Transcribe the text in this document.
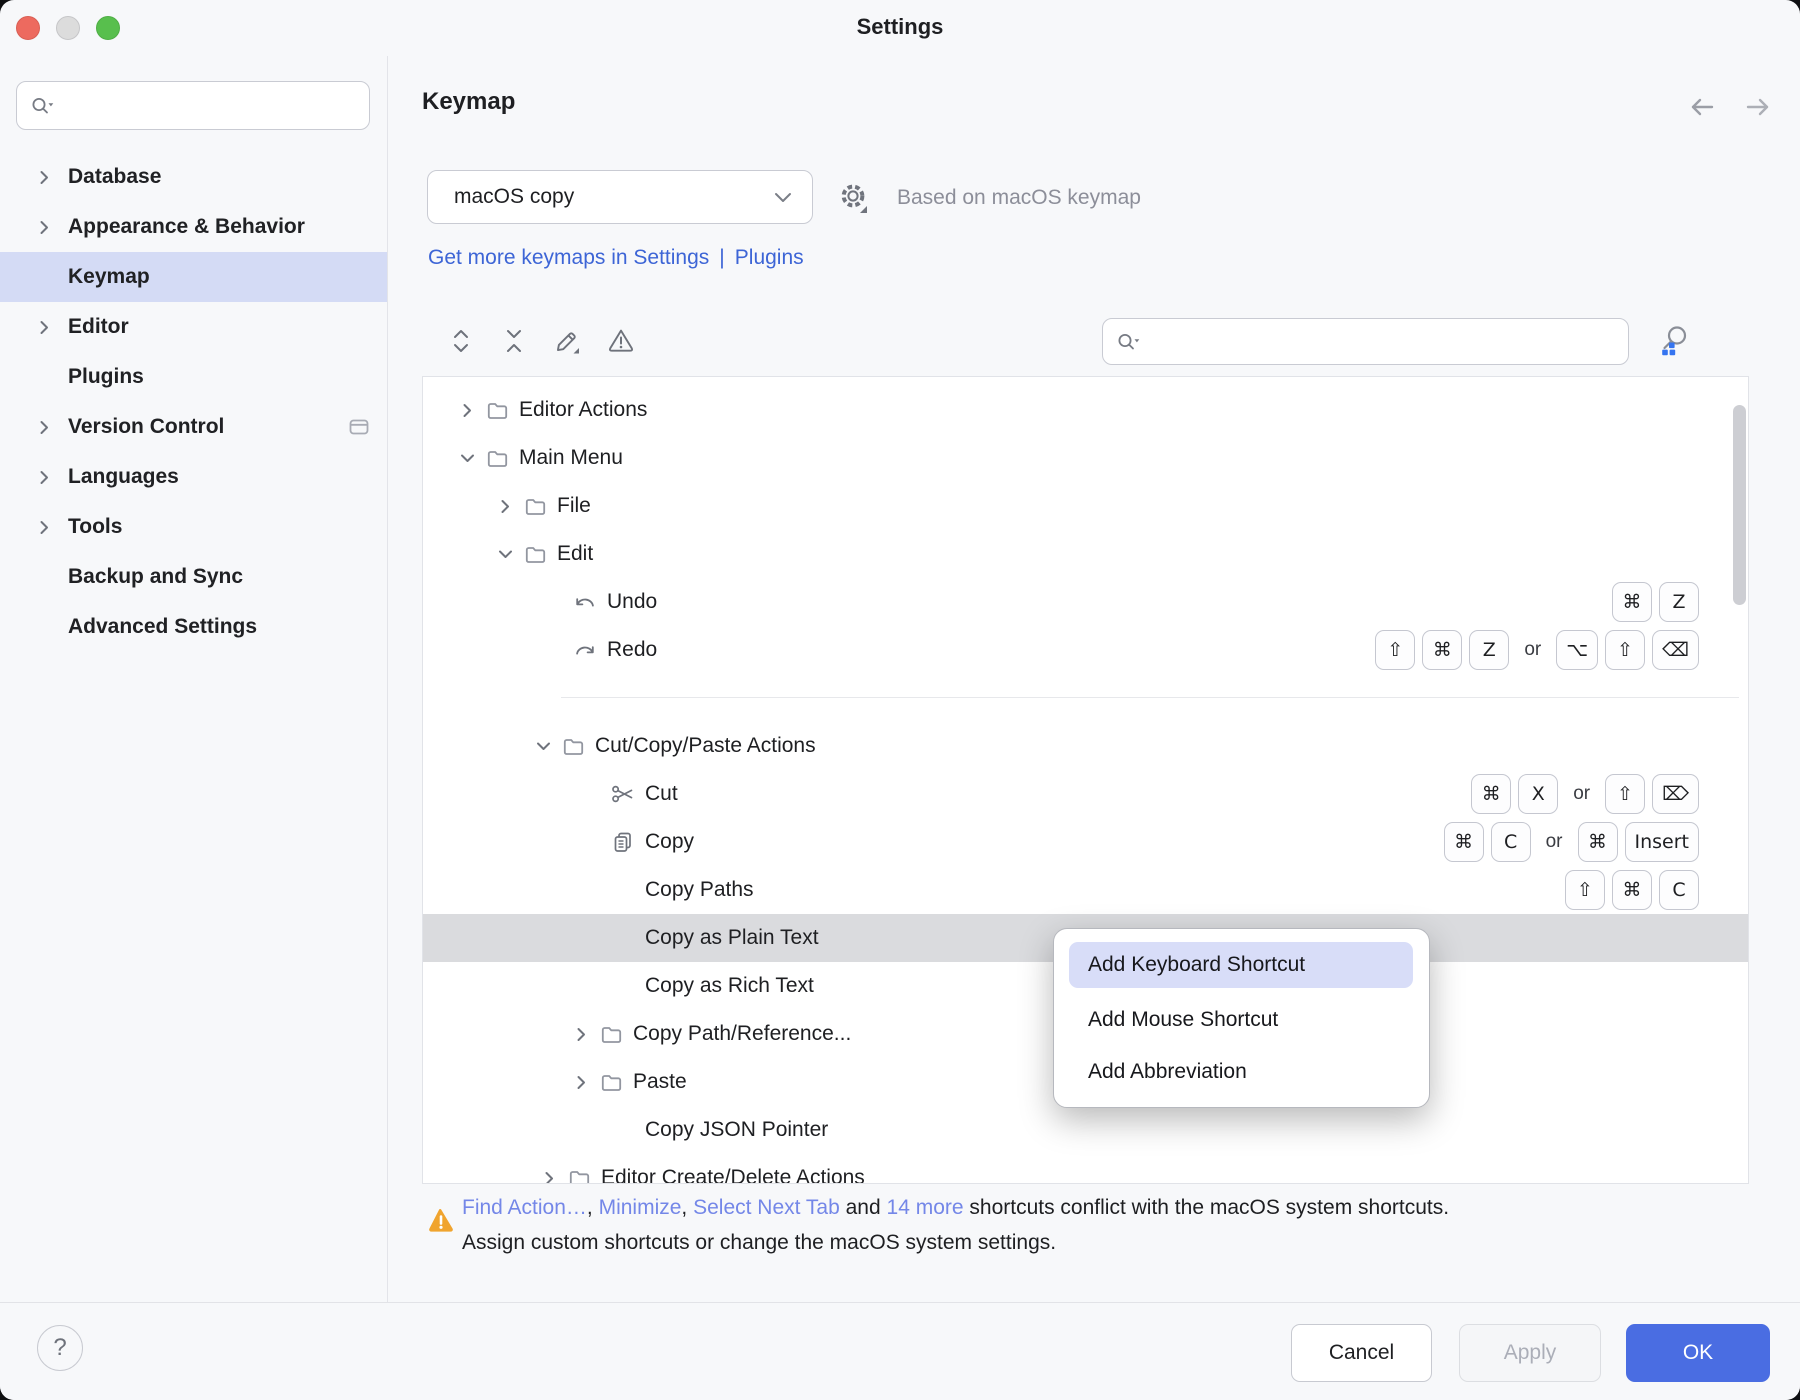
Settings
Database
Appearance & Behavior
Keymap
Editor
Plugins
Version Control
Languages
Tools
Backup and Sync
Advanced Settings
Keymap
macOS copy	Based on macOS keymap
Get more keymaps in Settings | Plugins
Editor Actions
Main Menu
File
Edit
Undo	⌘	Z
Redo	⇧	⌘	Z	or	⌥	⇧	⌫
Cut/Copy/Paste Actions
Cut	⌘	X	or	⇧	⌦
Copy	⌘	C	or	⌘	Insert
Copy Paths	⇧	⌘	C
Copy as Plain Text
Copy as Rich Text
Copy Path/Reference...
Paste
Copy JSON Pointer
Editor Create/Delete Actions
Add Keyboard Shortcut
Add Mouse Shortcut
Add Abbreviation
Find Action…, Minimize, Select Next Tab and 14 more shortcuts conflict with the macOS system shortcuts.
Assign custom shortcuts or change the macOS system settings.
?	Cancel	Apply	OK
